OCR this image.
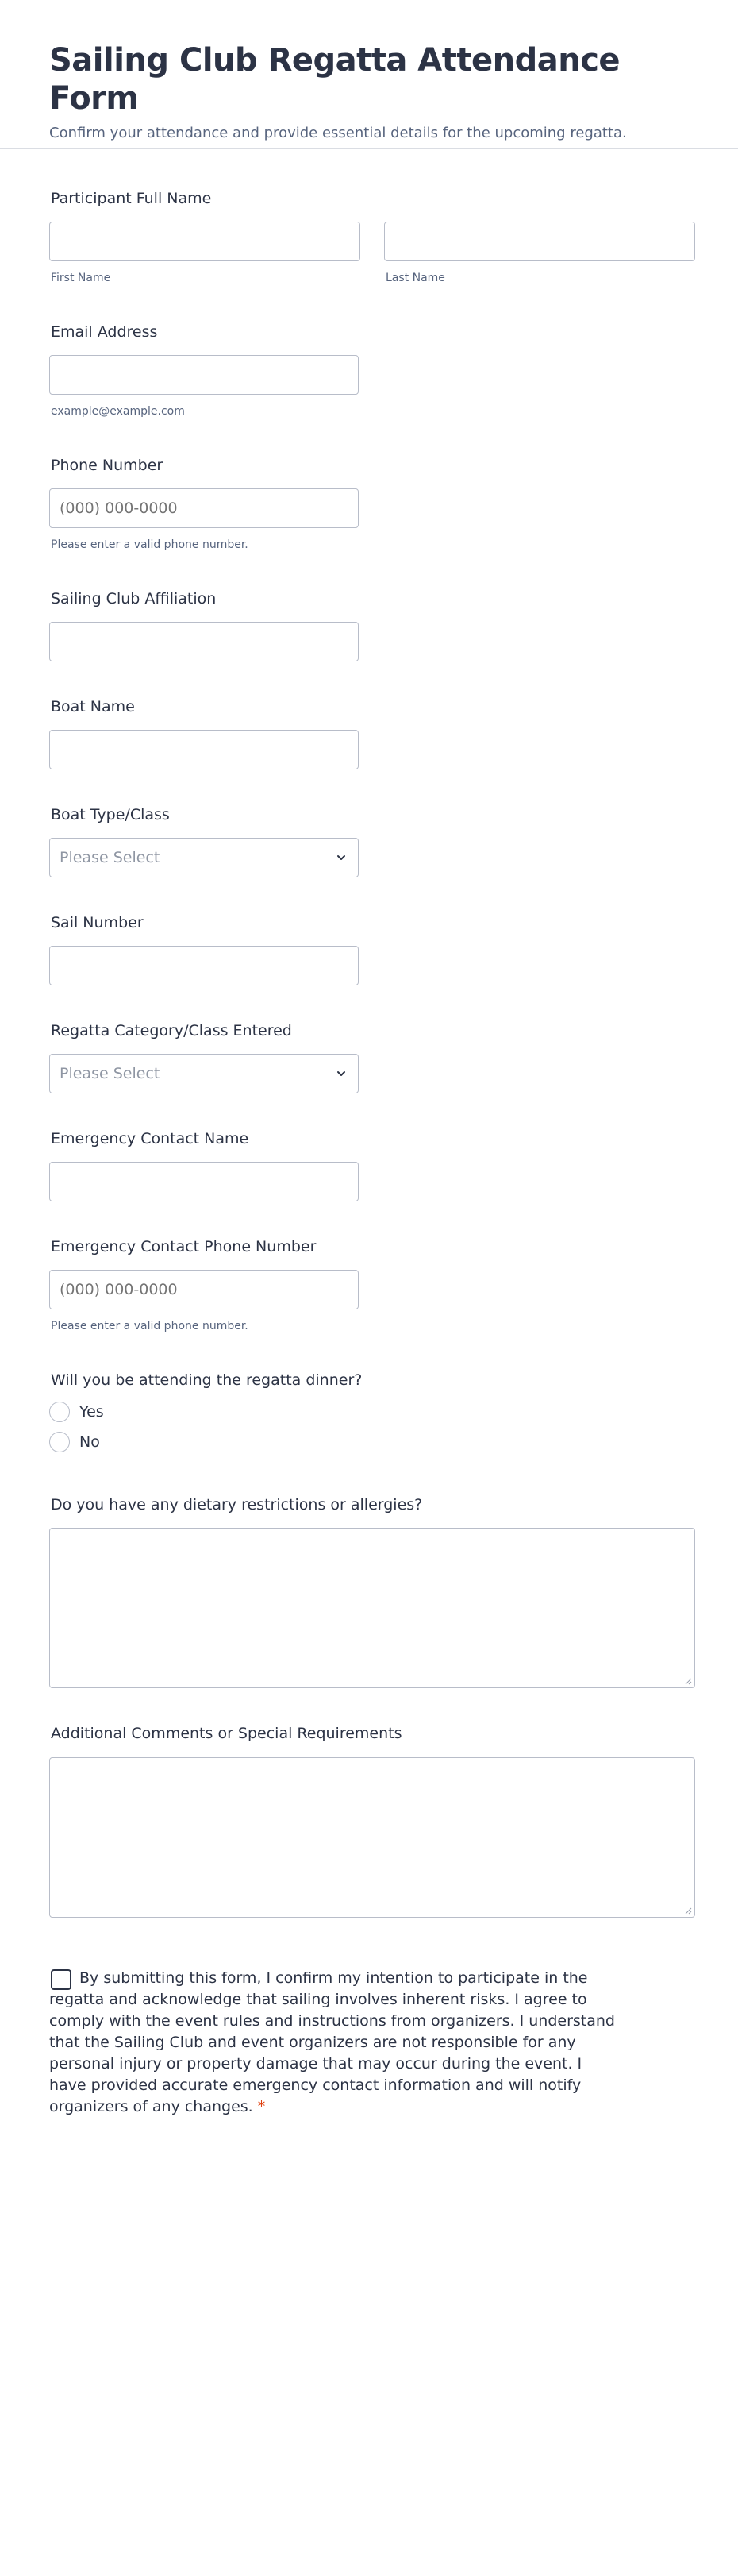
Sailing Club Regatta Attendance Form

Confirm your attendance and provide essential details for the upcoming regatta.

Participant Full Name
First Name	Last Name
Email Address
example@example.com
Phone Number
(000) 000-0000
Please enter a valid phone number.
Sailing Club Affiliation
Boat Name
Boat Type/Class
Please Select
Sail Number
Regatta Category/Class Entered
Please Select
Emergency Contact Name
Emergency Contact Phone Number
(000) 000-0000
Please enter a valid phone number.
Will you be attending the regatta dinner?
Yes
No
Do you have any dietary restrictions or allergies?
Additional Comments or Special Requirements
By submitting this form, I confirm my intention to participate in the regatta and acknowledge that sailing involves inherent risks. I agree to comply with the event rules and instructions from organizers. I understand that the Sailing Club and event organizers are not responsible for any personal injury or property damage that may occur during the event. I have provided accurate emergency contact information and will notify organizers of any changes. *
